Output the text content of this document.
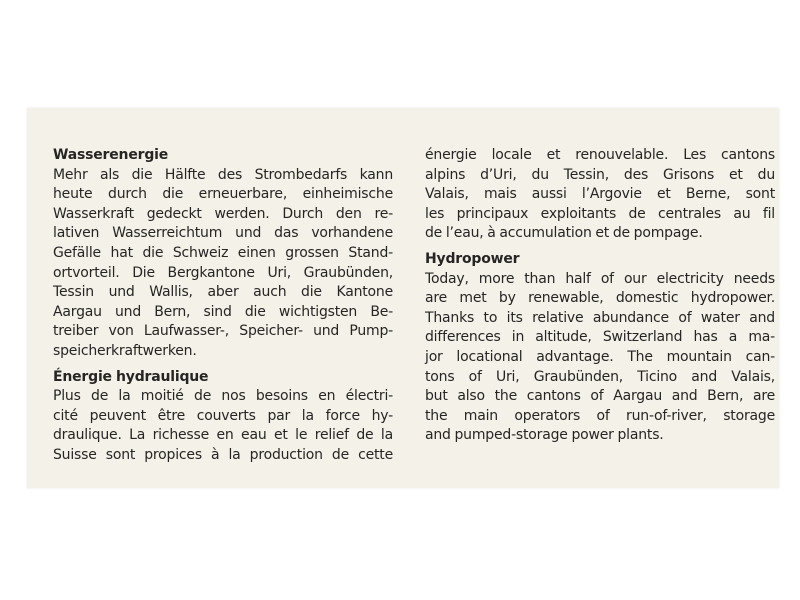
Wasserenergie
Mehr als die Hälfte des Strombedarfs kann
heute durch die erneuerbare, einheimische
Wasserkraft gedeckt werden. Durch den re-
lativen Wasserreichtum und das vorhandene
Gefälle hat die Schweiz einen grossen Stand-
ortvorteil. Die Bergkantone Uri, Graubünden,
Tessin und Wallis, aber auch die Kantone
Aargau und Bern, sind die wichtigsten Be-
treiber von Laufwasser-, Speicher- und Pump-
speicherkraftwerken.
Énergie hydraulique
Plus de la moitié de nos besoins en électri-
cité peuvent être couverts par la force hy-
draulique. La richesse en eau et le relief de la
Suisse sont propices à la production de cette
énergie locale et renouvelable. Les cantons
alpins d’Uri, du Tessin, des Grisons et du
Valais, mais aussi l’Argovie et Berne, sont
les principaux exploitants de centrales au fil
de l’eau, à accumulation et de pompage.
Hydropower
Today, more than half of our electricity needs
are met by renewable, domestic hydropower.
Thanks to its relative abundance of water and
differences in altitude, Switzerland has a ma-
jor locational advantage. The mountain can-
tons of Uri, Graubünden, Ticino and Valais,
but also the cantons of Aargau and Bern, are
the main operators of run-of-river, storage
and pumped-storage power plants.
